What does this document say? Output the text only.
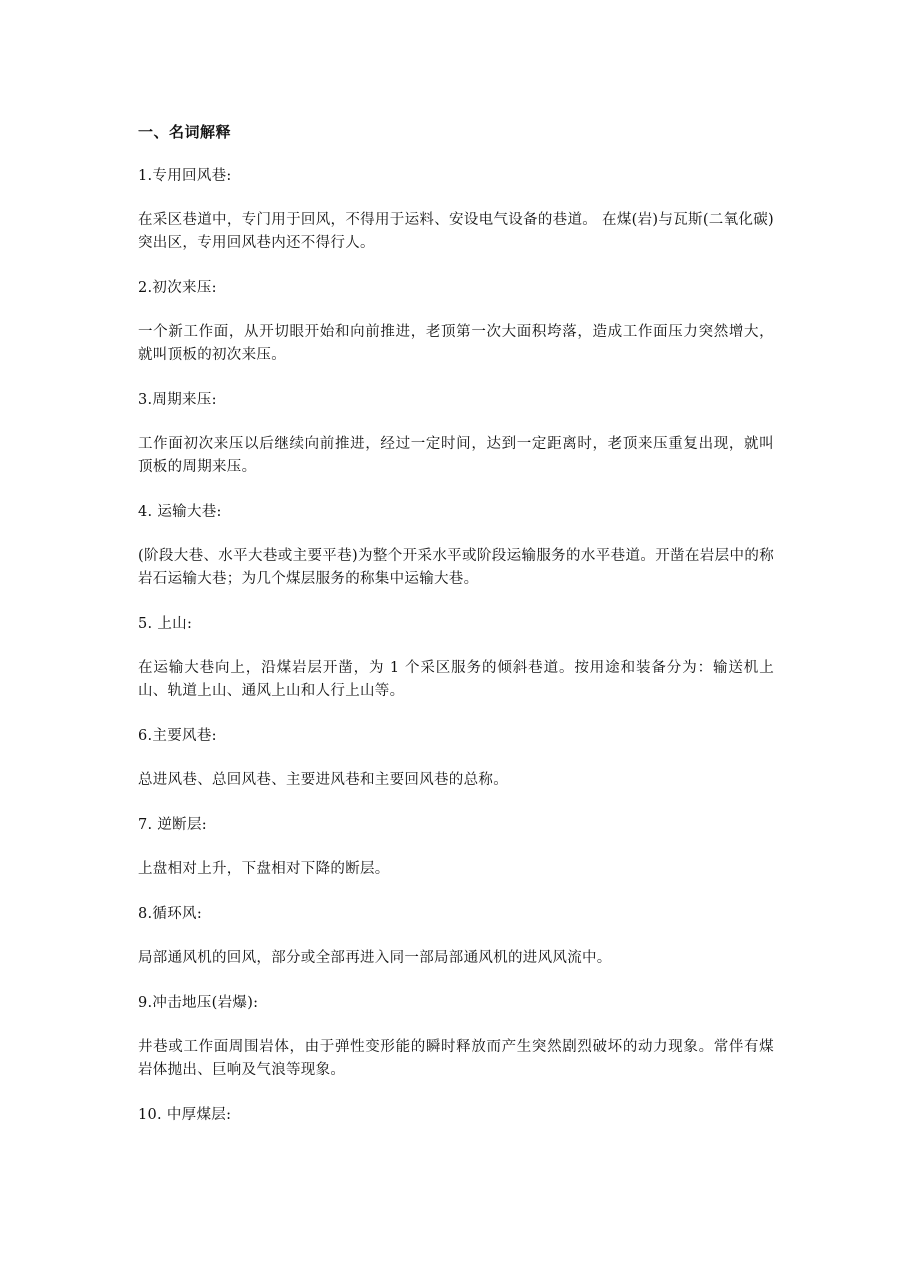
一、名词解释
1.专用回风巷:
在采区巷道中，专门用于回风，不得用于运料、安设电气设备的巷道。 在煤(岩)与瓦斯(二氧化碳)突出区，专用回风巷内还不得行人。
2.初次来压:
一个新工作面，从开切眼开始和向前推进，老顶第一次大面积垮落，造成工作面压力突然增大，就叫顶板的初次来压。
3.周期来压:
工作面初次来压以后继续向前推进，经过一定时间，达到一定距离时，老顶来压重复出现，就叫顶板的周期来压。
4. 运输大巷:
(阶段大巷、水平大巷或主要平巷)为整个开采水平或阶段运输服务的水平巷道。开凿在岩层中的称岩石运输大巷；为几个煤层服务的称集中运输大巷。
5. 上山:
在运输大巷向上，沿煤岩层开凿，为 1 个采区服务的倾斜巷道。按用途和装备分为：输送机上山、轨道上山、通风上山和人行上山等。
6.主要风巷:
总进风巷、总回风巷、主要进风巷和主要回风巷的总称。
7. 逆断层:
上盘相对上升，下盘相对下降的断层。
8.循环风:
局部通风机的回风，部分或全部再进入同一部局部通风机的进风风流中。
9.冲击地压(岩爆):
井巷或工作面周围岩体，由于弹性变形能的瞬时释放而产生突然剧烈破坏的动力现象。常伴有煤岩体抛出、巨响及气浪等现象。
10. 中厚煤层:
